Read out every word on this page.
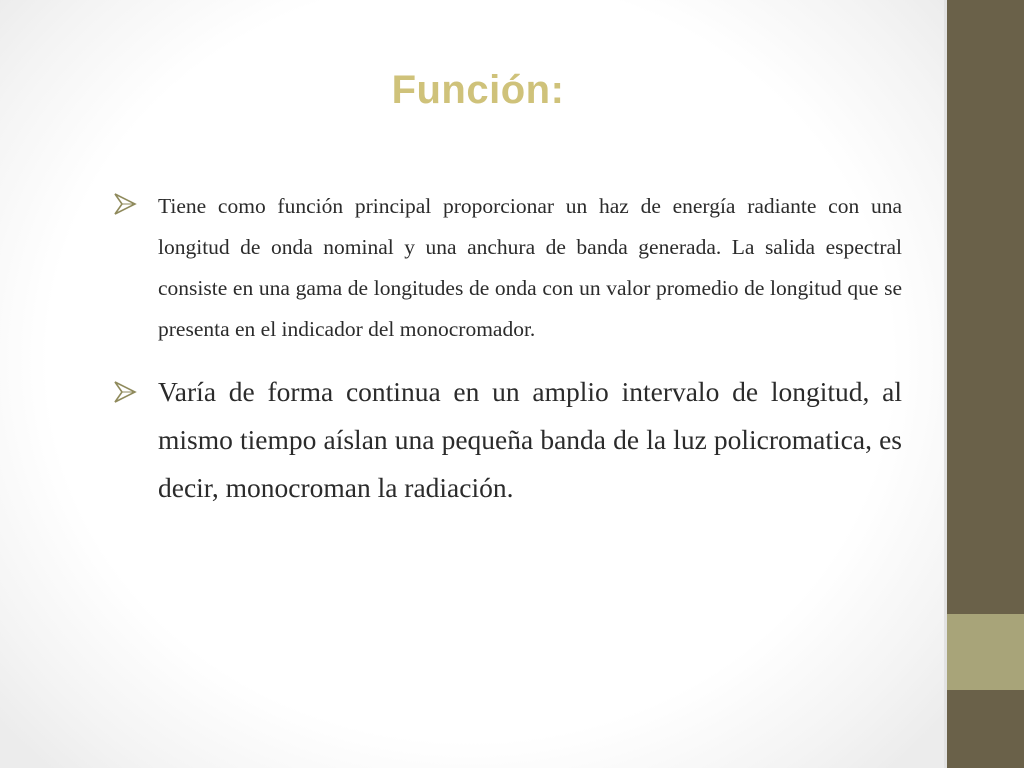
Función:
Tiene como función principal proporcionar un haz de energía radiante con una longitud de onda nominal y una anchura de banda generada. La salida espectral consiste en una gama de longitudes de onda con un valor promedio de longitud que se presenta en el indicador del monocromador.
Varía de forma continua en un amplio intervalo de longitud, al mismo tiempo aíslan una pequeña banda de la luz policromatica, es decir, monocroman la radiación.
